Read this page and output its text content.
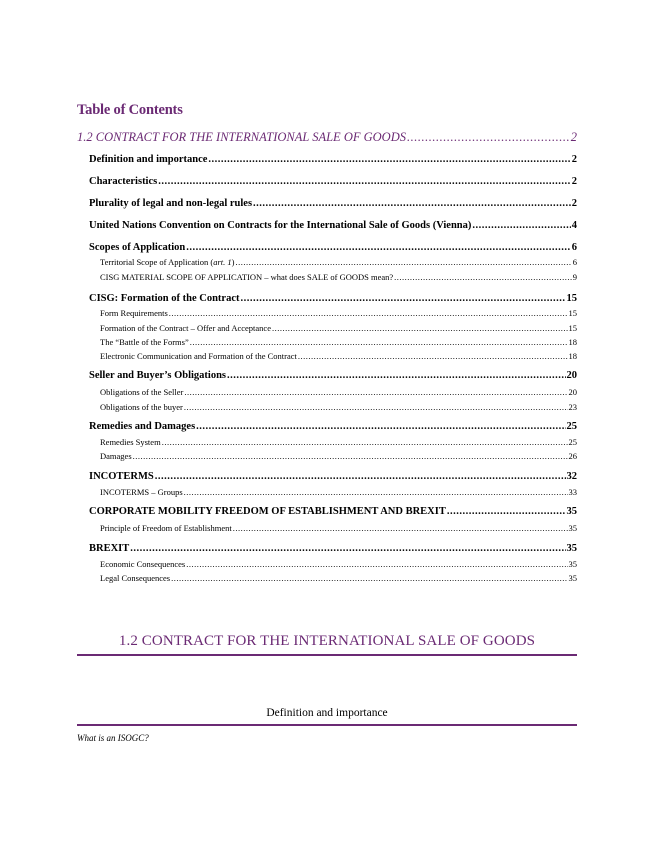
Table of Contents
1.2 CONTRACT FOR THE INTERNATIONAL SALE OF GOODS .....	2
Definition and importance .....	2
Characteristics .....	2
Plurality of legal and non-legal rules .....	2
United Nations Convention on Contracts for the International Sale of Goods (Vienna) .....	4
Scopes of Application .....	6
Territorial Scope of Application (art. 1) .....	6
CISG MATERIAL SCOPE OF APPLICATION – what does SALE of GOODS mean? .....	9
CISG: Formation of the Contract .....	15
Form Requirements .....	15
Formation of the Contract – Offer and Acceptance .....	15
The “Battle of the Forms” .....	18
Electronic Communication and Formation of the Contract .....	18
Seller and Buyer’s Obligations .....	20
Obligations of the Seller .....	20
Obligations of the buyer .....	23
Remedies and Damages .....	25
Remedies System .....	25
Damages .....	26
INCOTERMS .....	32
INCOTERMS – Groups .....	33
CORPORATE MOBILITY FREEDOM OF ESTABLISHMENT AND BREXIT .....	35
Principle of Freedom of Establishment .....	35
BREXIT .....	35
Economic Consequences .....	35
Legal Consequences .....	35
1.2 CONTRACT FOR THE INTERNATIONAL SALE OF GOODS
Definition and importance
What is an ISOGC?
